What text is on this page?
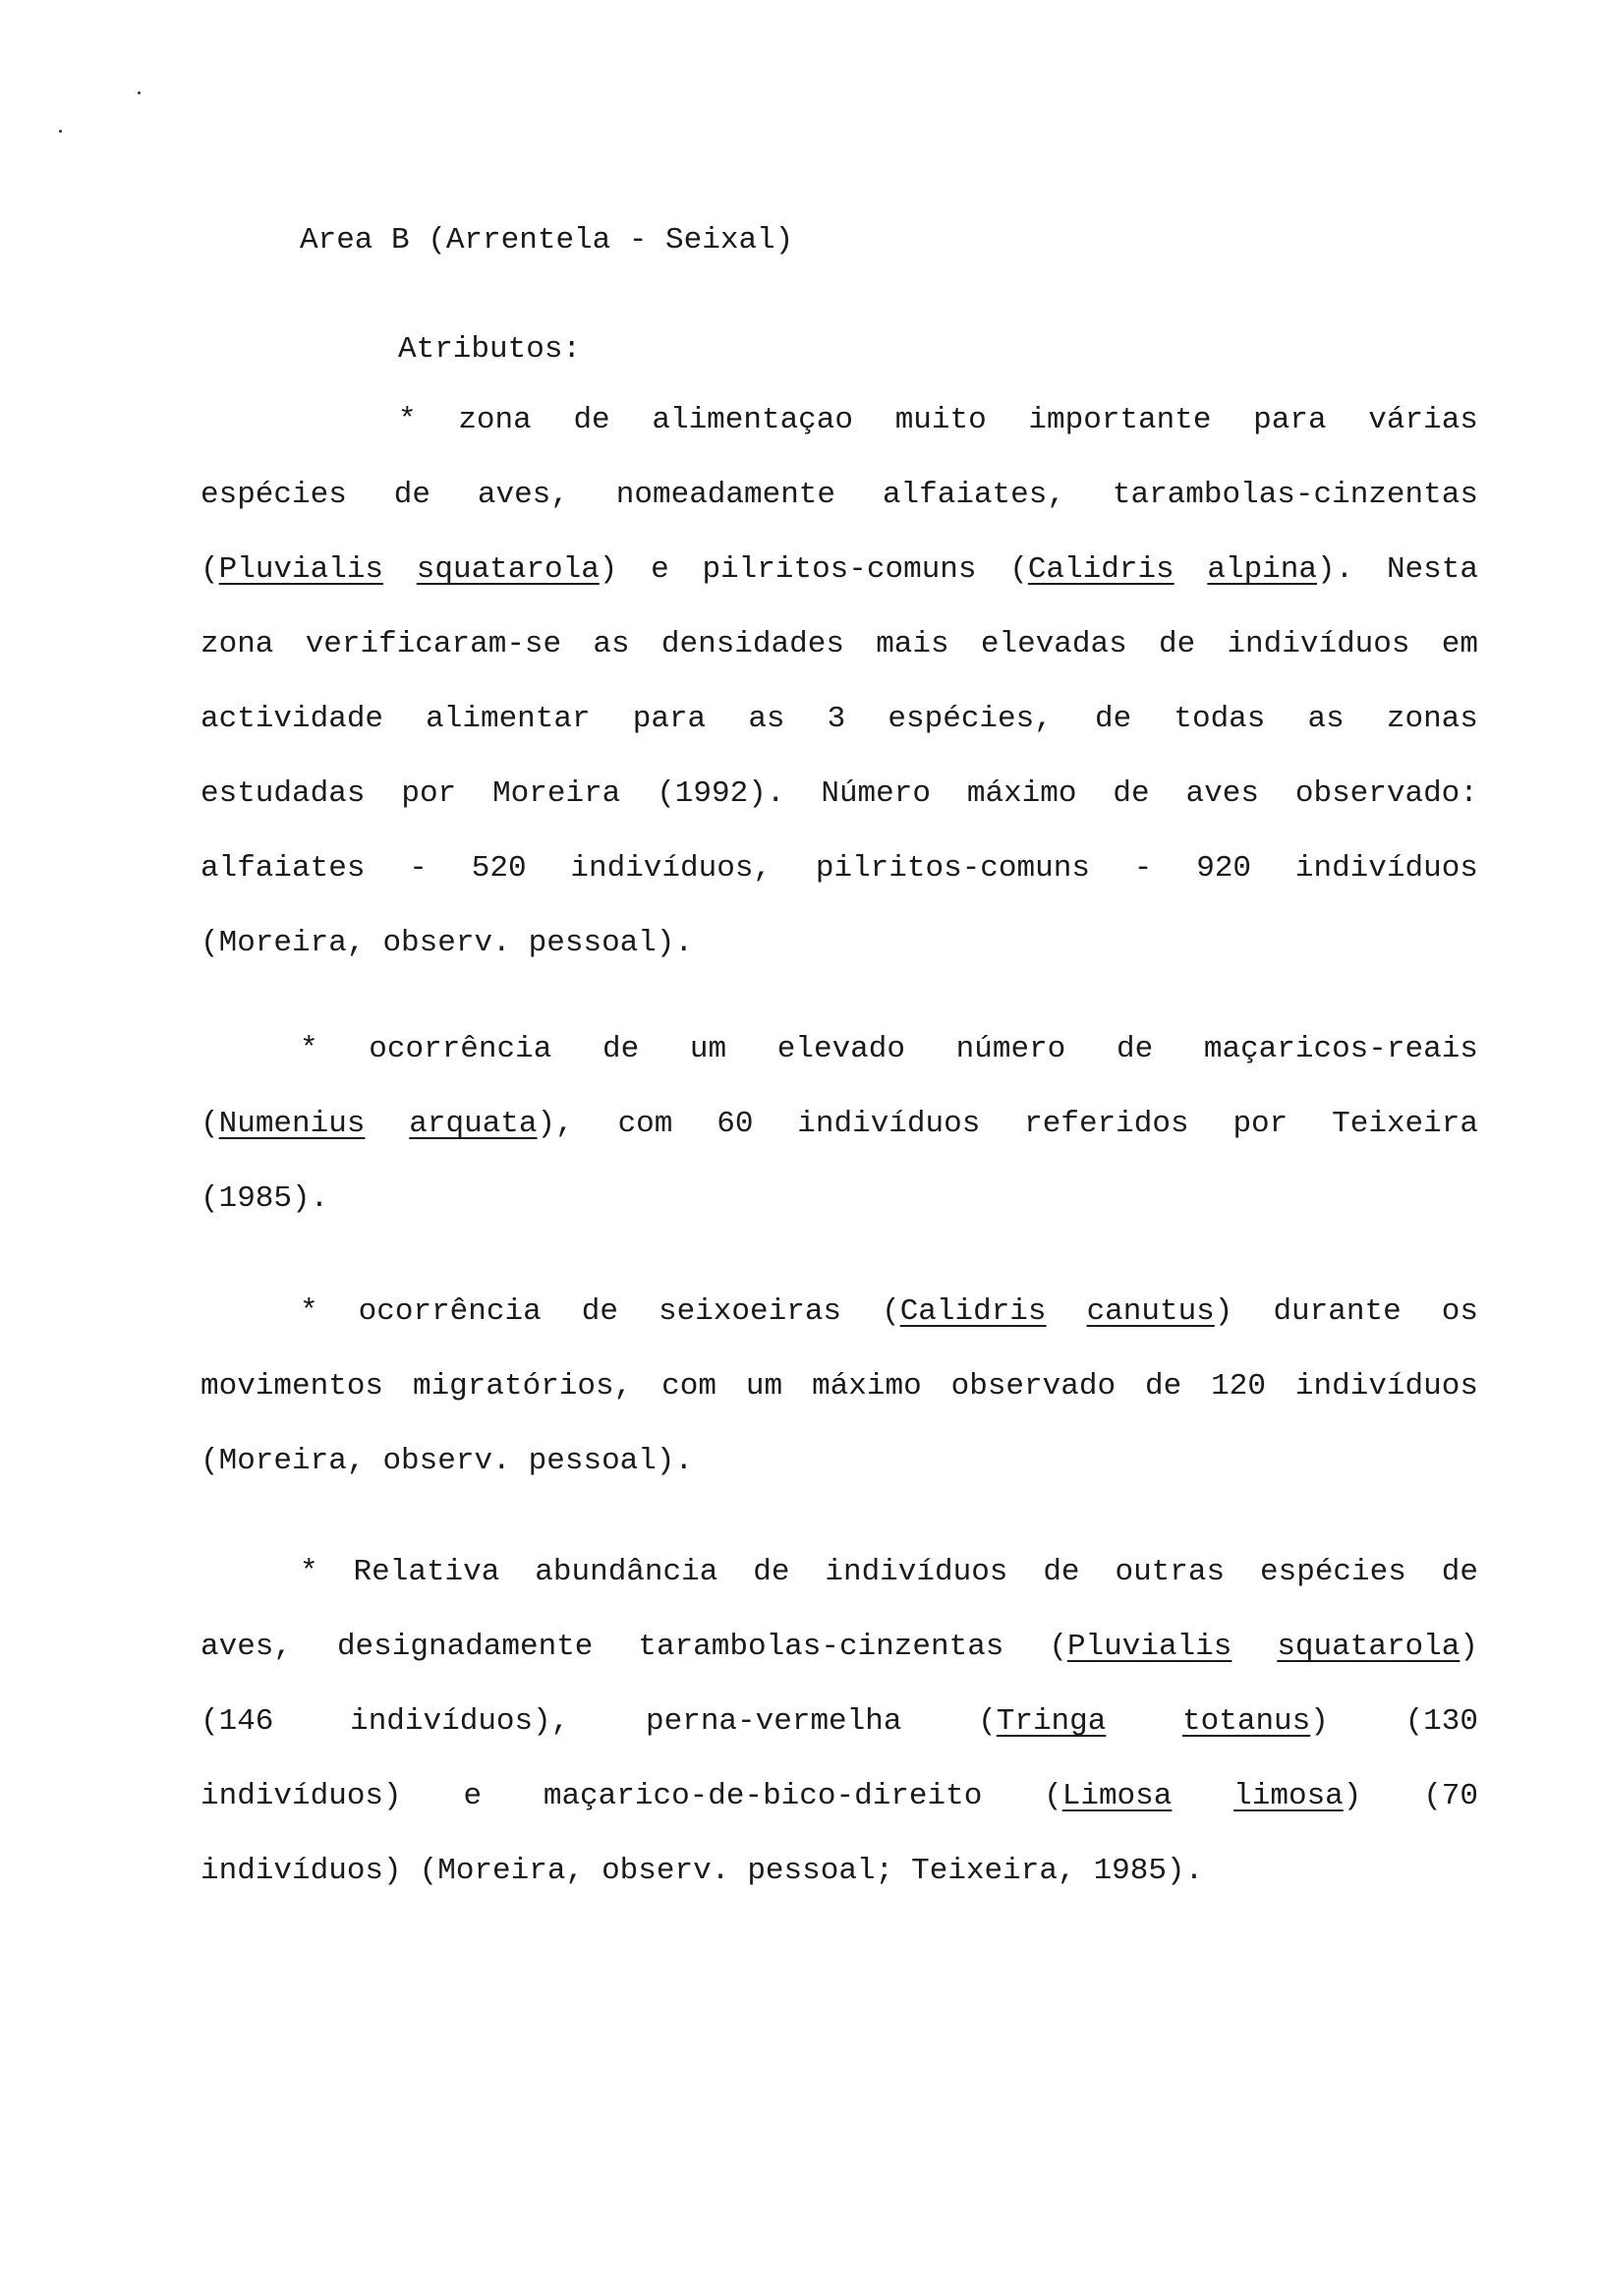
Area B (Arrentela - Seixal)
Atributos:
* zona de alimentaçao muito importante para várias
espécies de aves, nomeadamente alfaiates, tarambolas-cinzentas
(Pluvialis squatarola) e pilritos-comuns (Calidris alpina). Nesta
zona verificaram-se as densidades mais elevadas de indivíduos em
actividade alimentar para as 3 espécies, de todas as zonas
estudadas por Moreira (1992). Número máximo de aves observado:
alfaiates - 520 indivíduos, pilritos-comuns - 920 indivíduos
(Moreira, observ. pessoal).
* ocorrência de um elevado número de maçaricos-reais
(Numenius arquata), com 60 indivíduos referidos por Teixeira
(1985).
* ocorrência de seixoeiras (Calidris canutus) durante os
movimentos migratórios, com um máximo observado de 120 indivíduos
(Moreira, observ. pessoal).
* Relativa abundância de indivíduos de outras espécies de
aves, designadamente tarambolas-cinzentas (Pluvialis squatarola)
(146	indivíduos),	perna-vermelha	(Tringa	totanus)	(130
indivíduos) e maçarico-de-bico-direito (Limosa limosa) (70
indivíduos) (Moreira, observ. pessoal; Teixeira, 1985).
